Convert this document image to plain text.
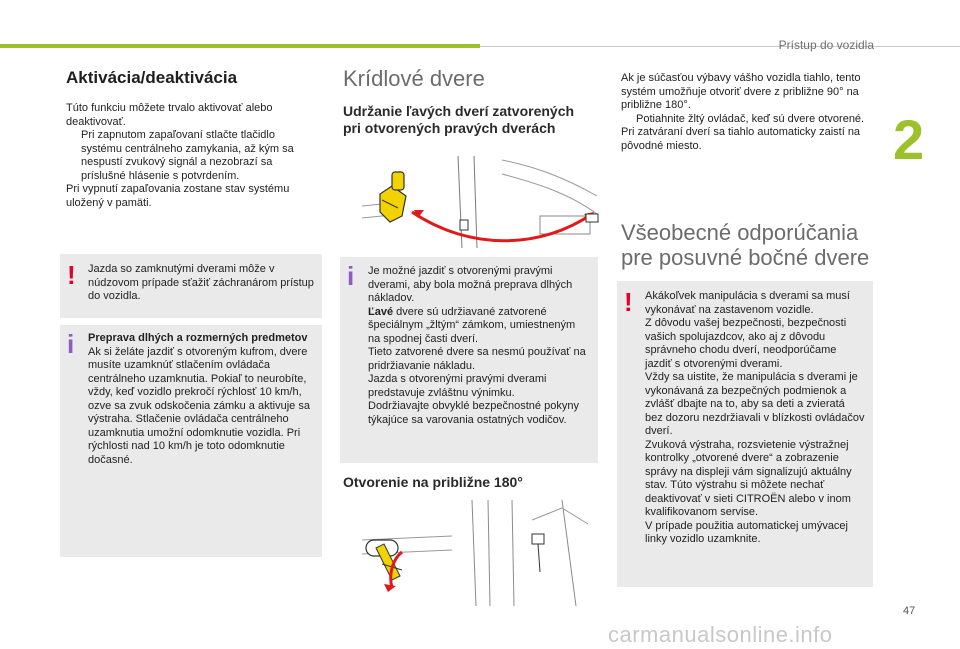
Prístup do vozidla
2
Aktivácia/deaktivácia

Túto funkciu môžete trvalo aktivovať alebo deaktivovať.

Pri zapnutom zapaľovaní stlačte tlačidlo systému centrálneho zamykania, až kým sa nespustí zvukový signál a nezobrazí sa príslušné hlásenie s potvrdením.

Pri vypnutí zapaľovania zostane stav systému uložený v pamäti.

! Jazda so zamknutými dverami môže v núdzovom prípade sťažiť záchranárom prístup do vozidla.
i Preprava dlhých a rozmerných predmetov

Ak si želáte jazdiť s otvoreným kufrom, dvere musíte uzamknúť stlačením ovládača centrálneho uzamknutia. Pokiaľ to neurobíte, vždy, keď vozidlo prekročí rýchlosť 10 km/h, ozve sa zvuk odskočenia zámku a aktivuje sa výstraha. Stlačenie ovládača centrálneho uzamknutia umožní odomknutie vozidla. Pri rýchlosti nad 10 km/h je toto odomknutie dočasné.

Krídlové dvere
Udržanie ľavých dverí zatvorených pri otvorených pravých dverách
i Je možné jazdiť s otvorenými pravými dverami, aby bola možná preprava dlhých nákladov.

Ľavé dvere sú udržiavané zatvorené špeciálnym „žltým“ zámkom, umiestneným na spodnej časti dverí.

Tieto zatvorené dvere sa nesmú používať na pridržiavanie nákladu.

Jazda s otvorenými pravými dverami predstavuje zvláštnu výnimku.

Dodržiavajte obvyklé bezpečnostné pokyny týkajúce sa varovania ostatných vodičov.

Otvorenie na približne 180°

Ak je súčasťou výbavy vášho vozidla tiahlo, tento systém umožňuje otvoriť dvere z približne 90° na približne 180°.

Potiahnite žltý ovládač, keď sú dvere otvorené.

Pri zatváraní dverí sa tiahlo automaticky zaistí na pôvodné miesto.

Všeobecné odporúčania pre posuvné bočné dvere
! Akákoľvek manipulácia s dverami sa musí vykonávať na zastavenom vozidle.

Z dôvodu vašej bezpečnosti, bezpečnosti vašich spolujazdcov, ako aj z dôvodu správneho chodu dverí, neodporúčame jazdiť s otvorenými dverami.

Vždy sa uistite, že manipulácia s dverami je vykonávaná za bezpečných podmienok a zvlášť dbajte na to, aby sa deti a zvieratá bez dozoru nezdržiavali v blízkosti ovládačov dverí.

Zvuková výstraha, rozsvietenie výstražnej kontrolky „otvorené dvere“ a zobrazenie správy na displeji vám signalizujú aktuálny stav. Túto výstrahu si môžete nechať deaktivovať v sieti CITROËN alebo v inom kvalifikovanom servise.

V prípade použitia automatickej umývacej linky vozidlo uzamknite.

47
carmanualsonline.info
